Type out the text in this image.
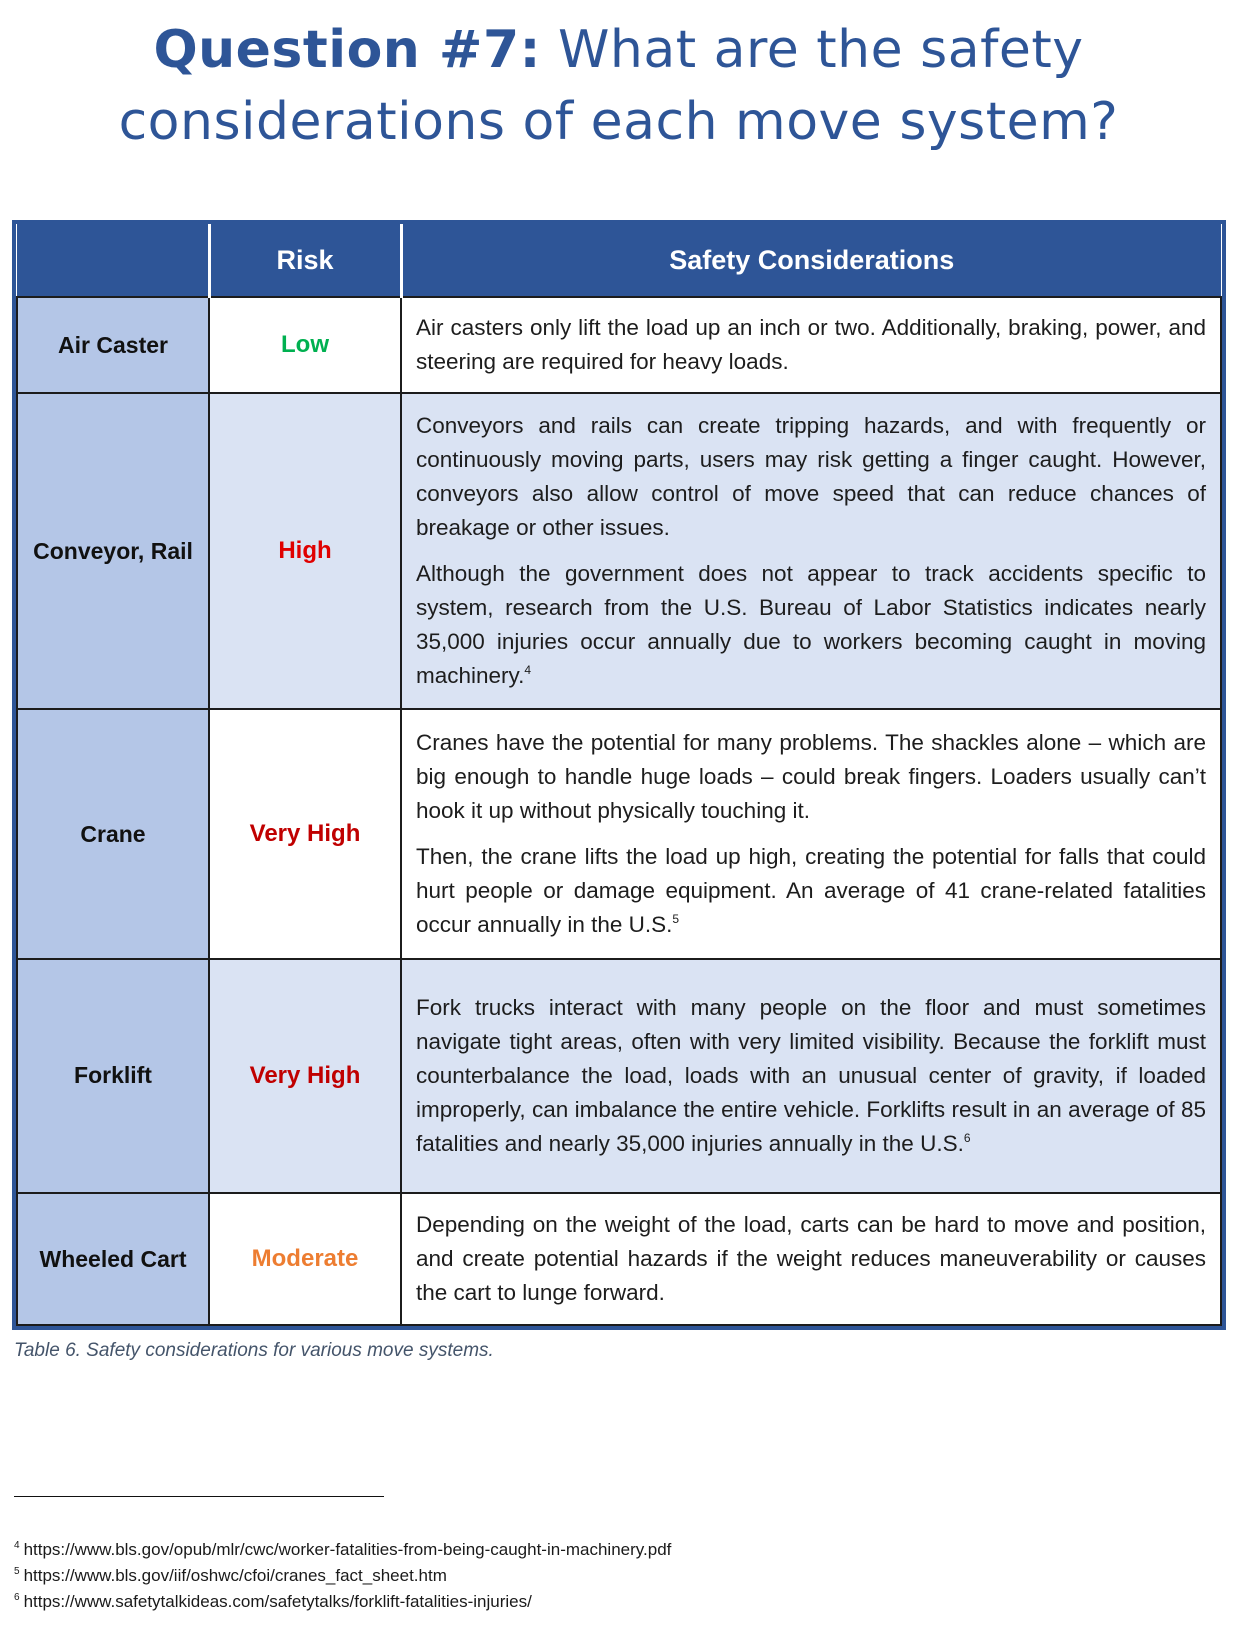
Question #7: What are the safety
considerations of each move system?
	Risk	Safety Considerations
Air Caster	Low	Air casters only lift the load up an inch or two. Additionally, braking, power, and steering are required for heavy loads.

Conveyor, Rail	High	Conveyors and rails can create tripping hazards, and with frequently or continuously moving parts, users may risk getting a finger caught. However, conveyors also allow control of move speed that can reduce chances of breakage or other issues.

Although the government does not appear to track accidents specific to system, research from the U.S. Bureau of Labor Statistics indicates nearly 35,000 injuries occur annually due to workers becoming caught in moving machinery.$^4$

Crane	Very High	Cranes have the potential for many problems. The shackles alone – which are big enough to handle huge loads – could break fingers. Loaders usually can’t hook it up without physically touching it.

Then, the crane lifts the load up high, creating the potential for falls that could hurt people or damage equipment. An average of 41 crane-related fatalities occur annually in the U.S.$^5$

Forklift	Very High	Fork trucks interact with many people on the floor and must sometimes navigate tight areas, often with very limited visibility. Because the forklift must counterbalance the load, loads with an unusual center of gravity, if loaded improperly, can imbalance the entire vehicle. Forklifts result in an average of 85 fatalities and nearly 35,000 injuries annually in the U.S.$^6$

Wheeled Cart	Moderate	Depending on the weight of the load, carts can be hard to move and position, and create potential hazards if the weight reduces maneuverability or causes the cart to lunge forward.

Table 6. Safety considerations for various move systems.
$^4$ https://www.bls.gov/opub/mlr/cwc/worker-fatalities-from-being-caught-in-machinery.pdf
$^5$ https://www.bls.gov/iif/oshwc/cfoi/cranes_fact_sheet.htm
$^6$ https://www.safetytalkideas.com/safetytalks/forklift-fatalities-injuries/
